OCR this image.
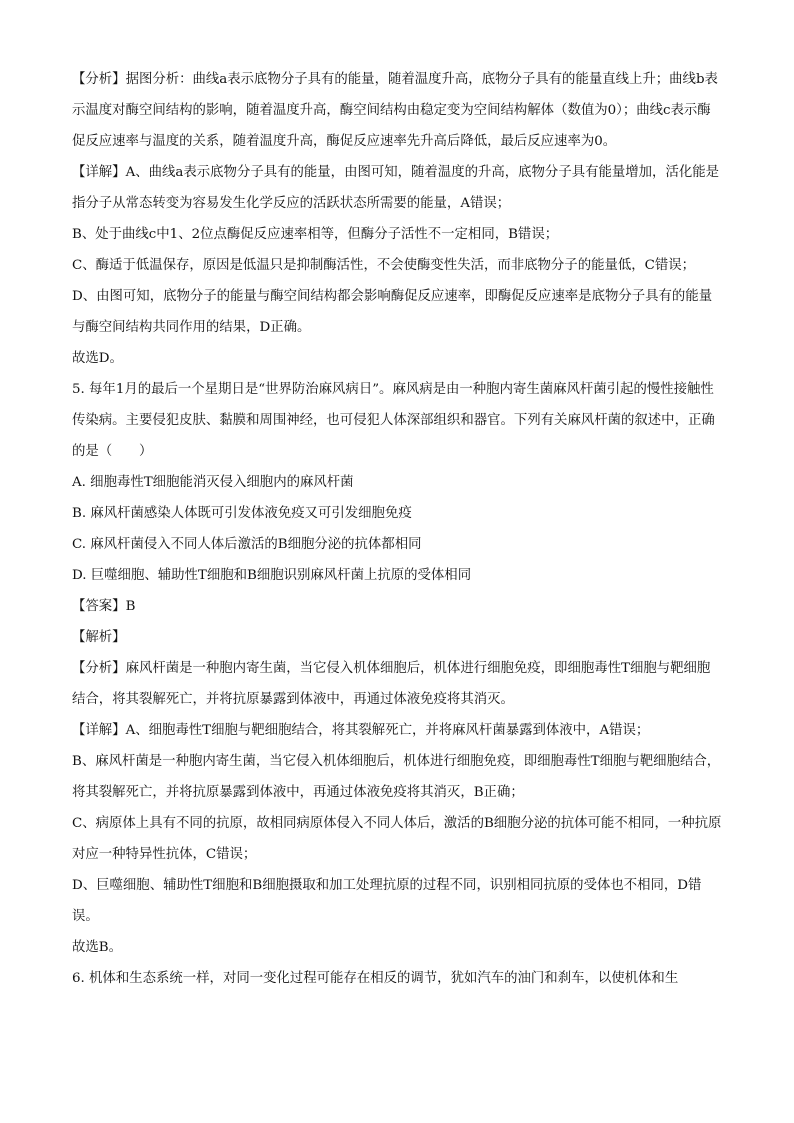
【分析】据图分析：曲线a表示底物分子具有的能量，随着温度升高，底物分子具有的能量直线上升；曲线b表示温度对酶空间结构的影响，随着温度升高，酶空间结构由稳定变为空间结构解体（数值为0）；曲线c表示酶促反应速率与温度的关系，随着温度升高，酶促反应速率先升高后降低，最后反应速率为0。

【详解】A、曲线a表示底物分子具有的能量，由图可知，随着温度的升高，底物分子具有能量增加，活化能是指分子从常态转变为容易发生化学反应的活跃状态所需要的能量，A错误；

B、处于曲线c中1、2位点酶促反应速率相等，但酶分子活性不一定相同，B错误；

C、酶适于低温保存，原因是低温只是抑制酶活性，不会使酶变性失活，而非底物分子的能量低，C错误；

D、由图可知，底物分子的能量与酶空间结构都会影响酶促反应速率，即酶促反应速率是底物分子具有的能量与酶空间结构共同作用的结果，D正确。

故选D。

5. 每年1月的最后一个星期日是“世界防治麻风病日”。麻风病是由一种胞内寄生菌麻风杆菌引起的慢性接触性传染病。主要侵犯皮肤、黏膜和周围神经，也可侵犯人体深部组织和器官。下列有关麻风杆菌的叙述中，正确的是（　　）

A. 细胞毒性T细胞能消灭侵入细胞内的麻风杆菌

B. 麻风杆菌感染人体既可引发体液免疫又可引发细胞免疫

C. 麻风杆菌侵入不同人体后激活的B细胞分泌的抗体都相同

D. 巨噬细胞、辅助性T细胞和B细胞识别麻风杆菌上抗原的受体相同

【答案】B

【解析】

【分析】麻风杆菌是一种胞内寄生菌，当它侵入机体细胞后，机体进行细胞免疫，即细胞毒性T细胞与靶细胞结合，将其裂解死亡，并将抗原暴露到体液中，再通过体液免疫将其消灭。

【详解】A、细胞毒性T细胞与靶细胞结合，将其裂解死亡，并将麻风杆菌暴露到体液中，A错误；

B、麻风杆菌是一种胞内寄生菌，当它侵入机体细胞后，机体进行细胞免疫，即细胞毒性T细胞与靶细胞结合，将其裂解死亡，并将抗原暴露到体液中，再通过体液免疫将其消灭，B正确；

C、病原体上具有不同的抗原，故相同病原体侵入不同人体后，激活的B细胞分泌的抗体可能不相同，一种抗原对应一种特异性抗体，C错误；

D、巨噬细胞、辅助性T细胞和B细胞摄取和加工处理抗原的过程不同，识别相同抗原的受体也不相同，D错误。

故选B。

6. 机体和生态系统一样，对同一变化过程可能存在相反的调节，犹如汽车的油门和刹车，以使机体和生
